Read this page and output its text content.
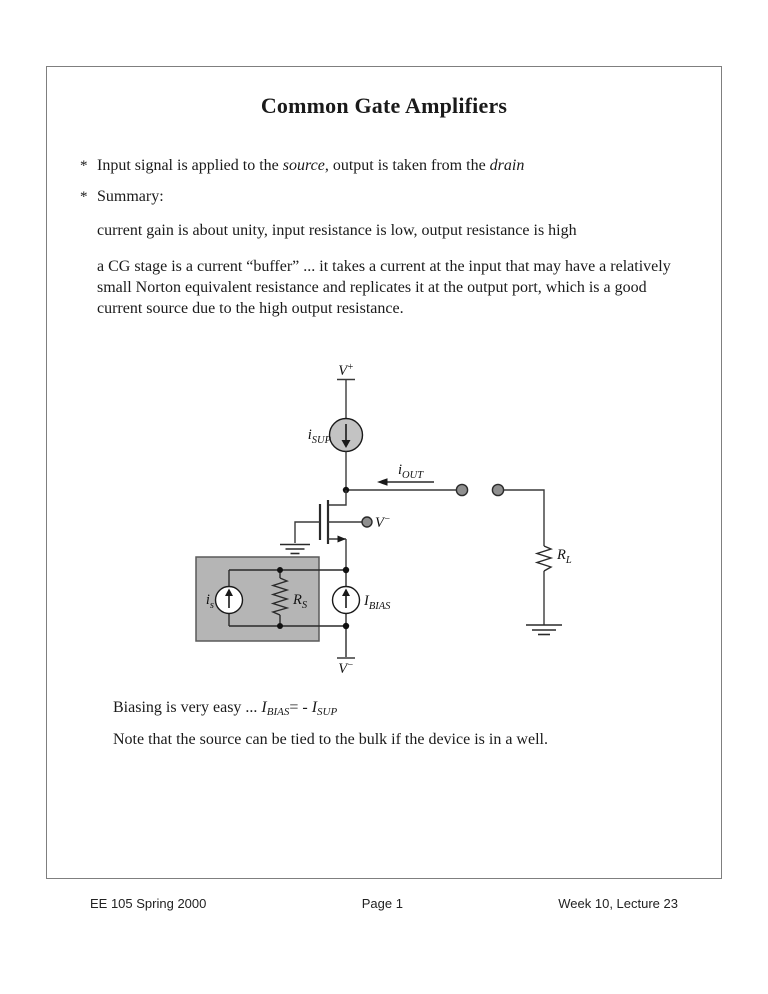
Common Gate Amplifiers
* Input signal is applied to the source, output is taken from the drain
* Summary:
current gain is about unity, input resistance is low, output resistance is high
a CG stage is a current “buffer” ... it takes a current at the input that may have a relatively small Norton equivalent resistance and replicates it at the output port, which is a good current source due to the high output resistance.
V+
$i_{SUP}$
$i_{OUT}$
V−
$R_L$
$i_s$	$R_S$	$I_{BIAS}$
V−
Biasing is very easy ... $I_{BIAS}= - I_{SUP}$
Note that the source can be tied to the bulk if the device is in a well.
EE 105 Spring 2000	Page 1	Week 10, Lecture 23
